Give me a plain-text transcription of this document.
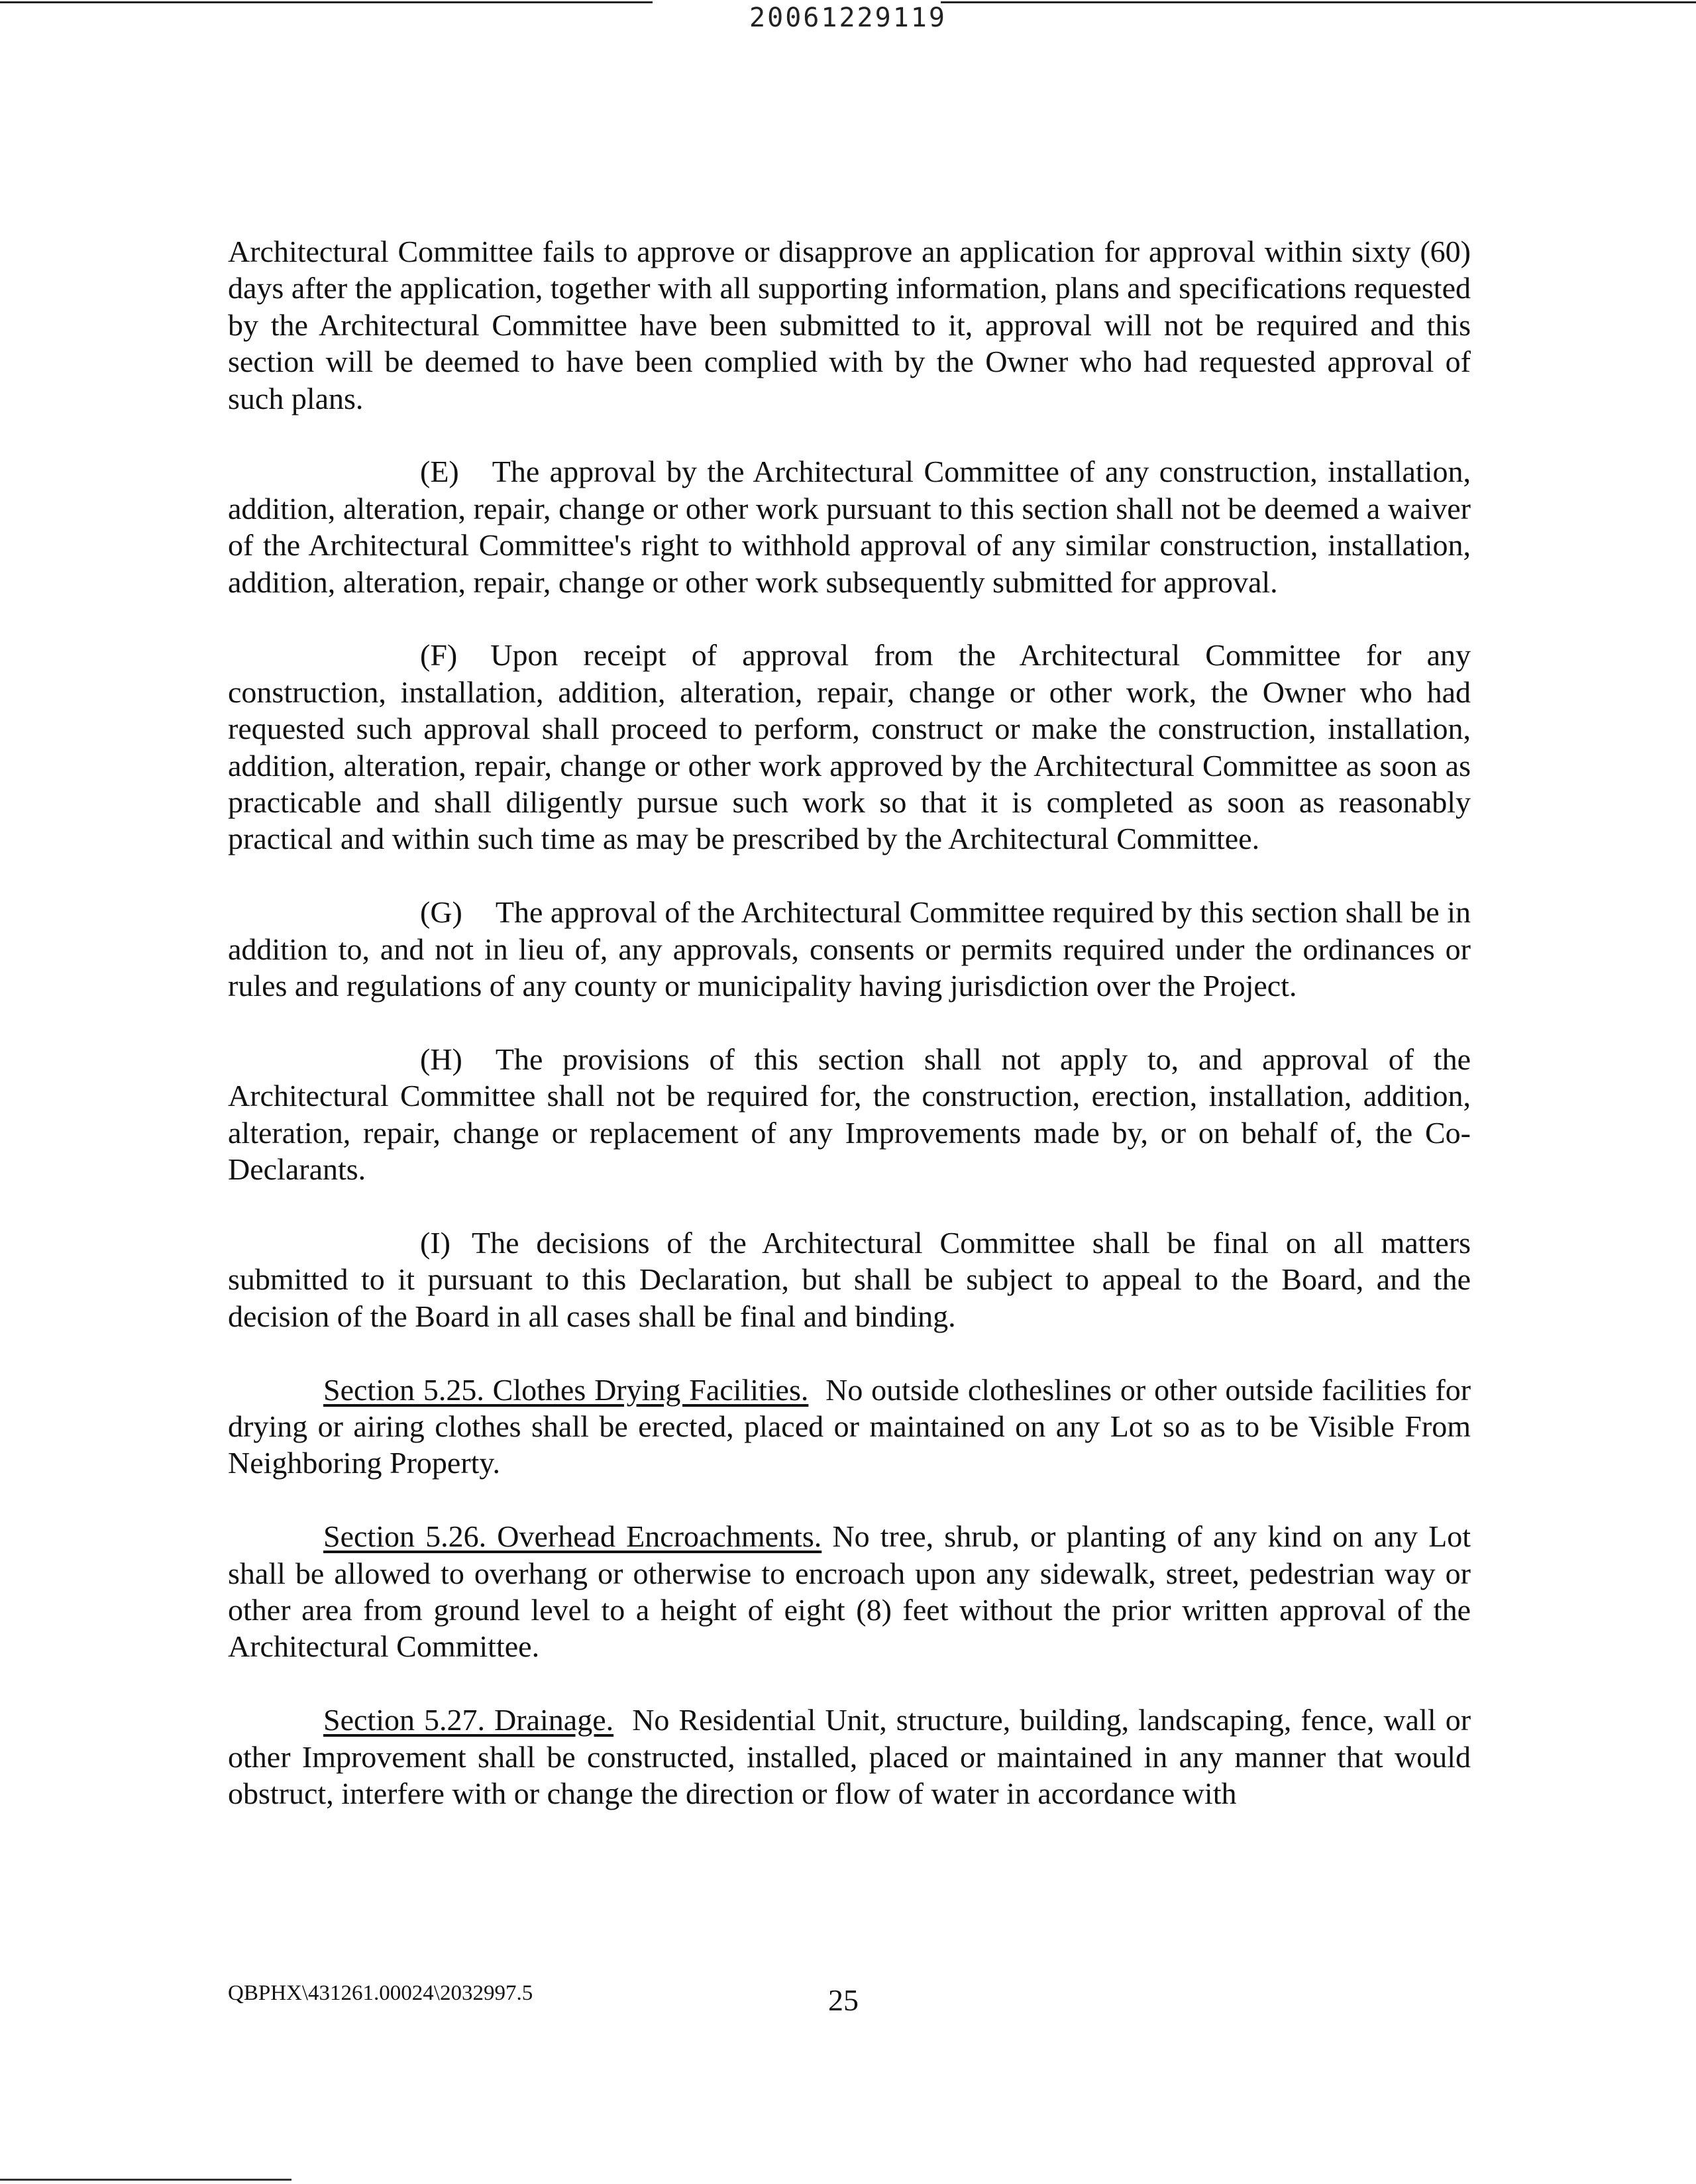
20061229119

Architectural Committee fails to approve or disapprove an application for approval within sixty (60) days after the application, together with all supporting information, plans and specifications requested by the Architectural Committee have been submitted to it, approval will not be required and this section will be deemed to have been complied with by the Owner who had requested approval of such plans.

(E) The approval by the Architectural Committee of any construction, installation, addition, alteration, repair, change or other work pursuant to this section shall not be deemed a waiver of the Architectural Committee's right to withhold approval of any similar construction, installation, addition, alteration, repair, change or other work subsequently submitted for approval.

(F) Upon receipt of approval from the Architectural Committee for any construction, installation, addition, alteration, repair, change or other work, the Owner who had requested such approval shall proceed to perform, construct or make the construction, installation, addition, alteration, repair, change or other work approved by the Architectural Committee as soon as practicable and shall diligently pursue such work so that it is completed as soon as reasonably practical and within such time as may be prescribed by the Architectural Committee.

(G) The approval of the Architectural Committee required by this section shall be in addition to, and not in lieu of, any approvals, consents or permits required under the ordinances or rules and regulations of any county or municipality having jurisdiction over the Project.

(H) The provisions of this section shall not apply to, and approval of the Architectural Committee shall not be required for, the construction, erection, installation, addition, alteration, repair, change or replacement of any Improvements made by, or on behalf of, the Co-Declarants.

(I) The decisions of the Architectural Committee shall be final on all matters submitted to it pursuant to this Declaration, but shall be subject to appeal to the Board, and the decision of the Board in all cases shall be final and binding.

Section 5.25. Clothes Drying Facilities. No outside clotheslines or other outside facilities for drying or airing clothes shall be erected, placed or maintained on any Lot so as to be Visible From Neighboring Property.

Section 5.26. Overhead Encroachments. No tree, shrub, or planting of any kind on any Lot shall be allowed to overhang or otherwise to encroach upon any sidewalk, street, pedestrian way or other area from ground level to a height of eight (8) feet without the prior written approval of the Architectural Committee.

Section 5.27. Drainage. No Residential Unit, structure, building, landscaping, fence, wall or other Improvement shall be constructed, installed, placed or maintained in any manner that would obstruct, interfere with or change the direction or flow of water in accordance with

QBPHX\431261.00024\2032997.5	25
